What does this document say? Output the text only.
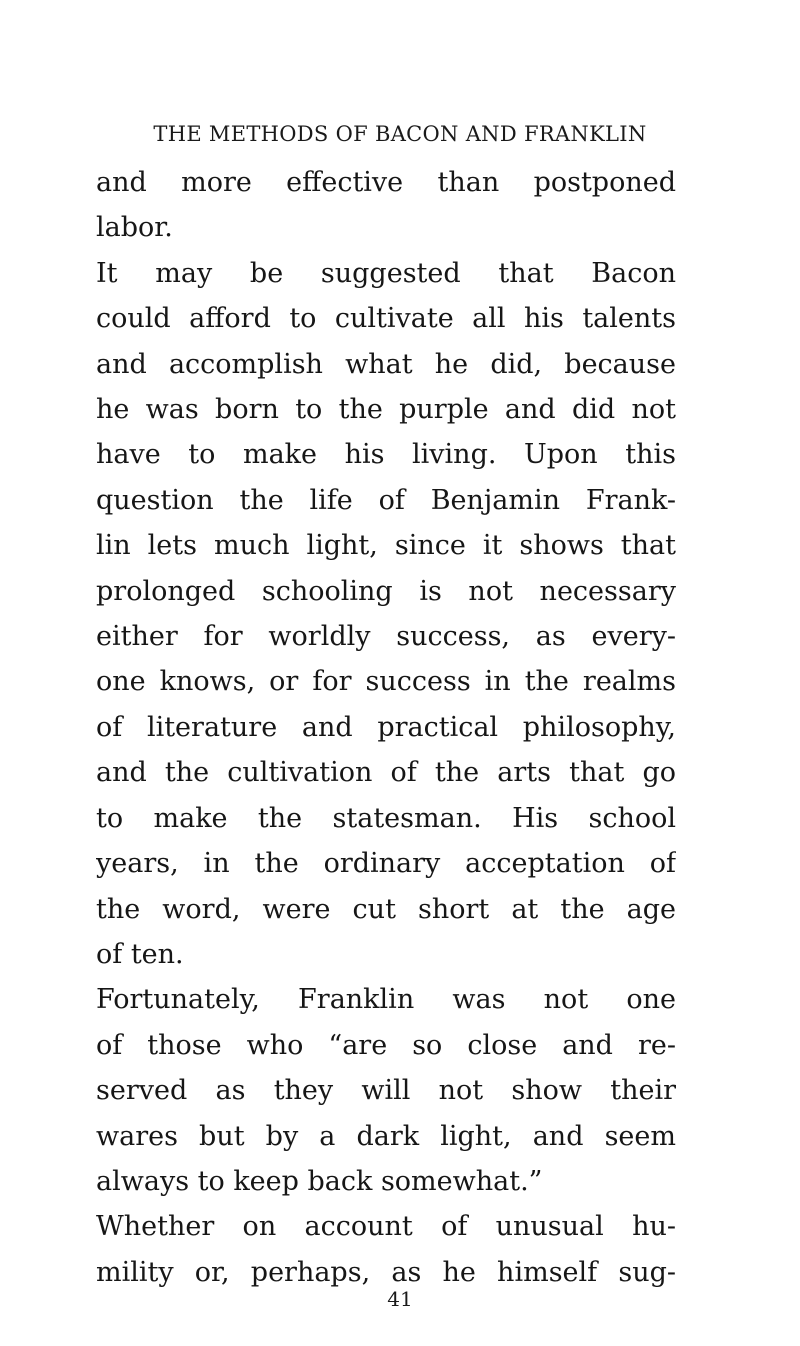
THE METHODS OF BACON AND FRANKLIN
and more effective than postponed
labor.
It may be suggested that Bacon
could afford to cultivate all his talents
and accomplish what he did, because
he was born to the purple and did not
have to make his living. Upon this
question the life of Benjamin Frank-
lin lets much light, since it shows that
prolonged schooling is not necessary
either for worldly success, as every-
one knows, or for success in the realms
of literature and practical philosophy,
and the cultivation of the arts that go
to make the statesman. His school
years, in the ordinary acceptation of
the word, were cut short at the age
of ten.
Fortunately, Franklin was not one
of those who “are so close and re-
served as they will not show their
wares but by a dark light, and seem
always to keep back somewhat.”
Whether on account of unusual hu-
mility or, perhaps, as he himself sug-
41
